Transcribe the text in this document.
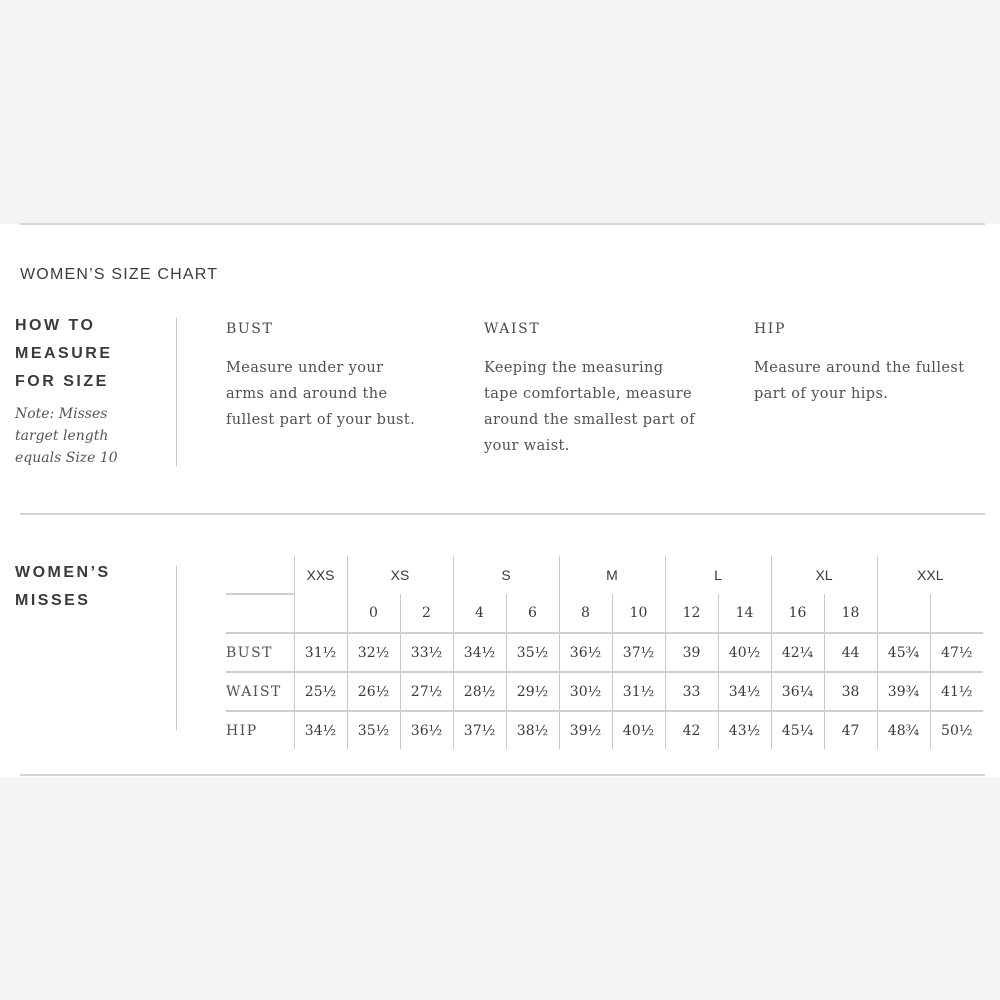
WOMEN’S SIZE CHART
HOW TO
MEASURE
FOR SIZE
Note: Misses
target length
equals Size 10
BUST
Measure under your
arms and around the
fullest part of your bust.
WAIST
Keeping the measuring
tape comfortable, measure
around the smallest part of
your waist.
HIP
Measure around the fullest
part of your hips.
WOMEN’S
MISSES
	XXS	XS		S		M		L		XL		XXL	
		0	2	4	6	8	10	12	14	16	18		
BUST	31½	32½	33½	34½	35½	36½	37½	39	40½	42¼	44	45¾	47½
WAIST	25½	26½	27½	28½	29½	30½	31½	33	34½	36¼	38	39¾	41½
HIP	34½	35½	36½	37½	38½	39½	40½	42	43½	45¼	47	48¾	50½
